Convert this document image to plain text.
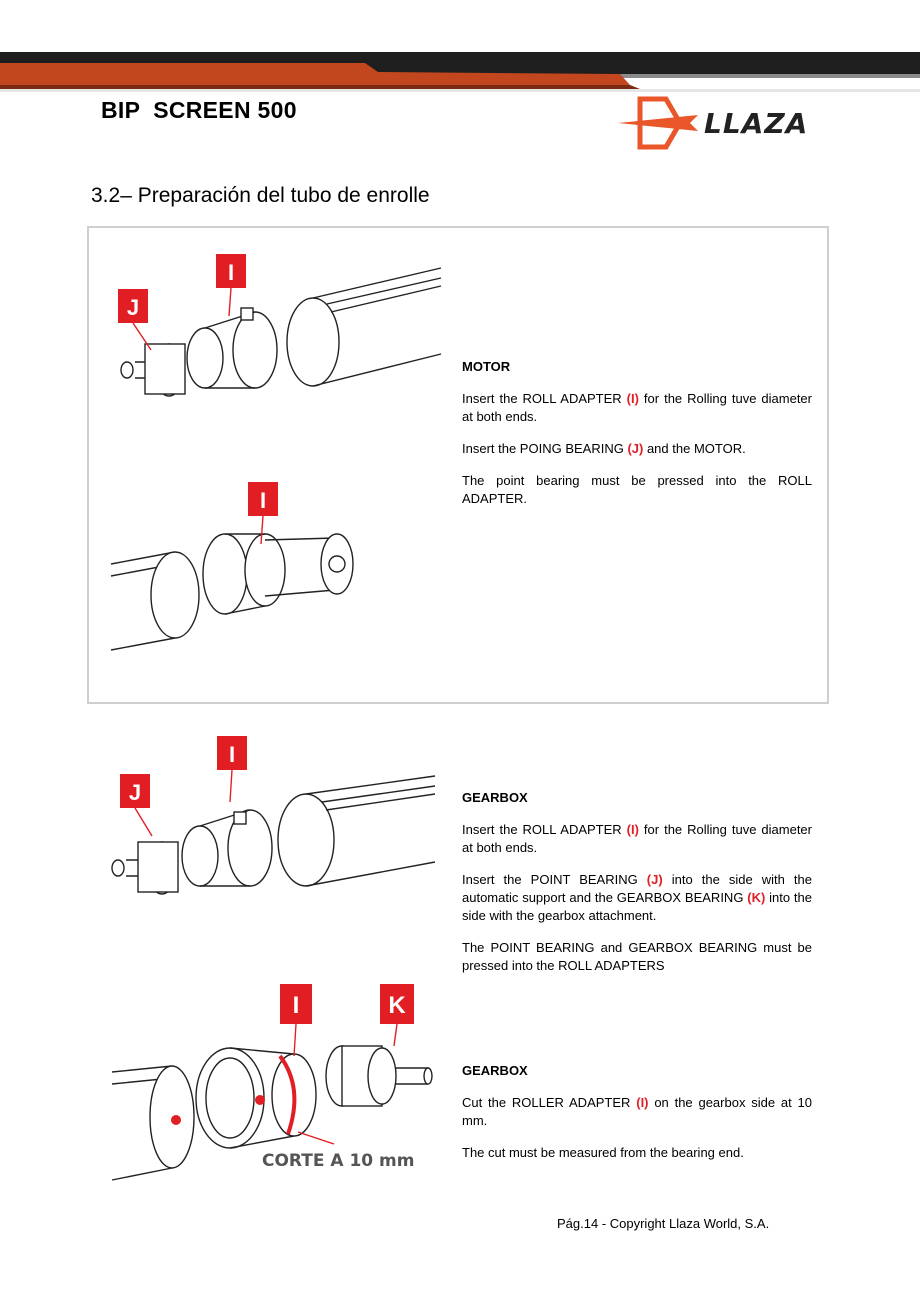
BIP  SCREEN 500	LLAZA
3.2– Preparación del tubo de enrolle
I
J
I
MOTOR

Insert the ROLL ADAPTER (I) for the Rolling tuve diameter at both ends.

Insert the POING BEARING (J) and the MOTOR.

The point bearing must be pressed into the ROLL ADAPTER.

I
J	GEARBOX

Insert the ROLL ADAPTER (I) for the Rolling tuve diameter at both ends.

Insert the POINT BEARING (J) into the side with the automatic support and the GEARBOX BEARING (K) into the side with the gearbox attachment.

The POINT BEARING and GEARBOX BEARING must be pressed into the ROLL ADAPTERS

I	K
CORTE A 10 mm
GEARBOX

Cut the ROLLER ADAPTER (I) on the gearbox side at 10 mm.

The cut must be measured from the bearing end.

Pág.14 - Copyright Llaza World, S.A.
